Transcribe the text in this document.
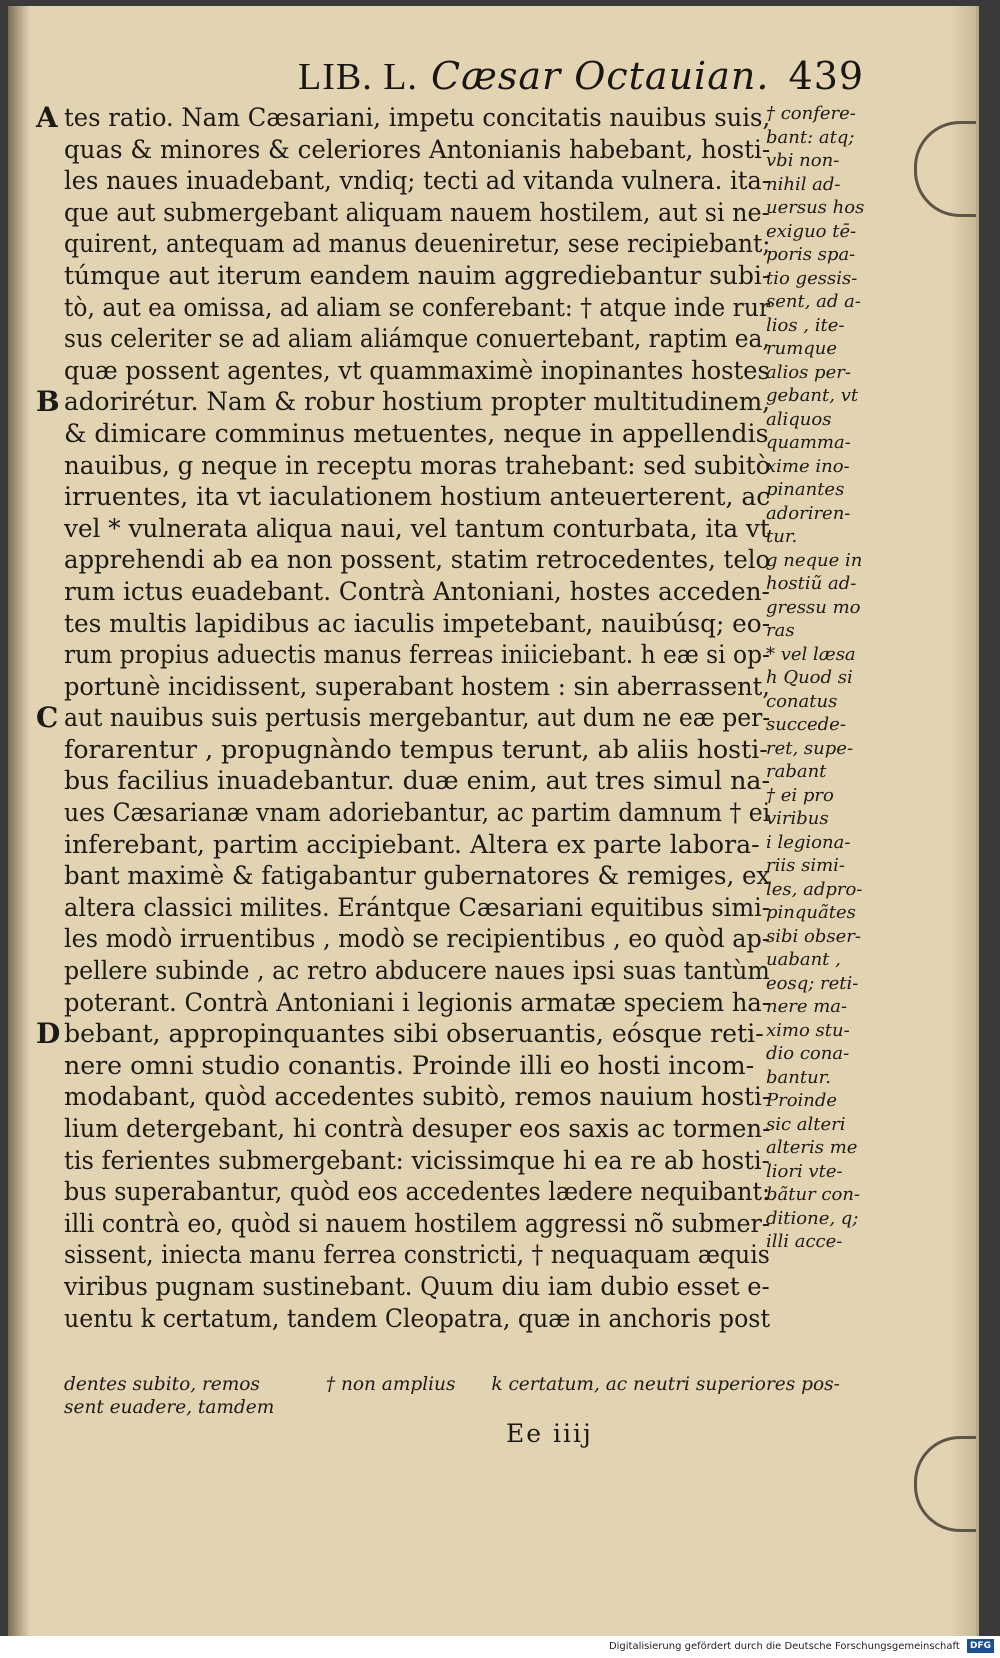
LIB. L. Cæsar Octauian. 439
A tes ratio. Nam Cæsariani, impetu concitatis nauibus suis,
quas & minores & celeriores Antonianis habebant, hosti-
les naues inuadebant, vndiq; tecti ad vitanda vulnera. ita-
que aut submergebant aliquam nauem hostilem, aut si ne-
quirent, antequam ad manus deueniretur, sese recipiebant;
túmque aut iterum eandem nauim aggrediebantur subi-
tò, aut ea omissa, ad aliam se conferebant: † atque inde rur
sus celeriter se ad aliam aliámque conuertebant, raptim ea,
quæ possent agentes, vt quammaximè inopinantes hostes
B adorirétur. Nam & robur hostium propter multitudinem,
& dimicare comminus metuentes, neque in appellendis
nauibus, g neque in receptu moras trahebant: sed subitò
irruentes, ita vt iaculationem hostium anteuerterent, ac
vel * vulnerata aliqua naui, vel tantum conturbata, ita vt
apprehendi ab ea non possent, statim retrocedentes, telo
rum ictus euadebant. Contrà Antoniani, hostes acceden-
tes multis lapidibus ac iaculis impetebant, nauibúsq; eo-
rum propius aduectis manus ferreas iniiciebant. h eæ si op-
portunè incidissent, superabant hostem : sin aberrassent,
C aut nauibus suis pertusis mergebantur, aut dum ne eæ per-
forarentur , propugnàndo tempus terunt, ab aliis hosti-
bus facilius inuadebantur. duæ enim, aut tres simul na-
ues Cæsarianæ vnam adoriebantur, ac partim damnum † ei
inferebant, partim accipiebant. Altera ex parte labora-
bant maximè & fatigabantur gubernatores & remiges, ex
altera classici milites. Erántque Cæsariani equitibus simi-
les modò irruentibus , modò se recipientibus , eo quòd ap-
pellere subinde , ac retro abducere naues ipsi suas tantùm
poterant. Contrà Antoniani i legionis armatæ speciem ha-
D bebant, appropinquantes sibi obseruantis, eósque reti-
nere omni studio conantis. Proinde illi eo hosti incom-
modabant, quòd accedentes subitò, remos nauium hosti-
lium detergebant, hi contrà desuper eos saxis ac tormen-
tis ferientes submergebant: vicissimque hi ea re ab hosti-
bus superabantur, quòd eos accedentes lædere nequibant:
illi contrà eo, quòd si nauem hostilem aggressi nõ submer-
sissent, iniecta manu ferrea constricti, † nequaquam æquis
viribus pugnam sustinebant. Quum diu iam dubio esset e-
uentu k certatum, tandem Cleopatra, quæ in anchoris post
† confere-
bant: atq;
vbi non-
nihil ad-
uersus hos
exiguo tē-
poris spa-
tio gessis-
sent, ad a-
lios , ite-
rumque
alios per-
gebant, vt
aliquos
quamma-
xime ino-
pinantes
adoriren-
tur.
g neque in
hostiũ ad-
gressu mo
ras
* vel læsa
h Quod si
conatus
succede-
ret, supe-
rabant
† ei pro
viribus
i legiona-
riis simi-
les, adpro-
pinquãtes
sibi obser-
uabant ,
eosq; reti-
nere ma-
ximo stu-
dio cona-
bantur.
Proinde
sic alteri
alteris me
liori vte-
bãtur con-
ditione, q;
illi acce-
dentes subito, remos	† non amplius k certatum, ac neutri superiores pos-
sent euadere, tamdem
Ee iiij
Digitalisierung gefördert durch die Deutsche Forschungsgemeinschaft DFG
